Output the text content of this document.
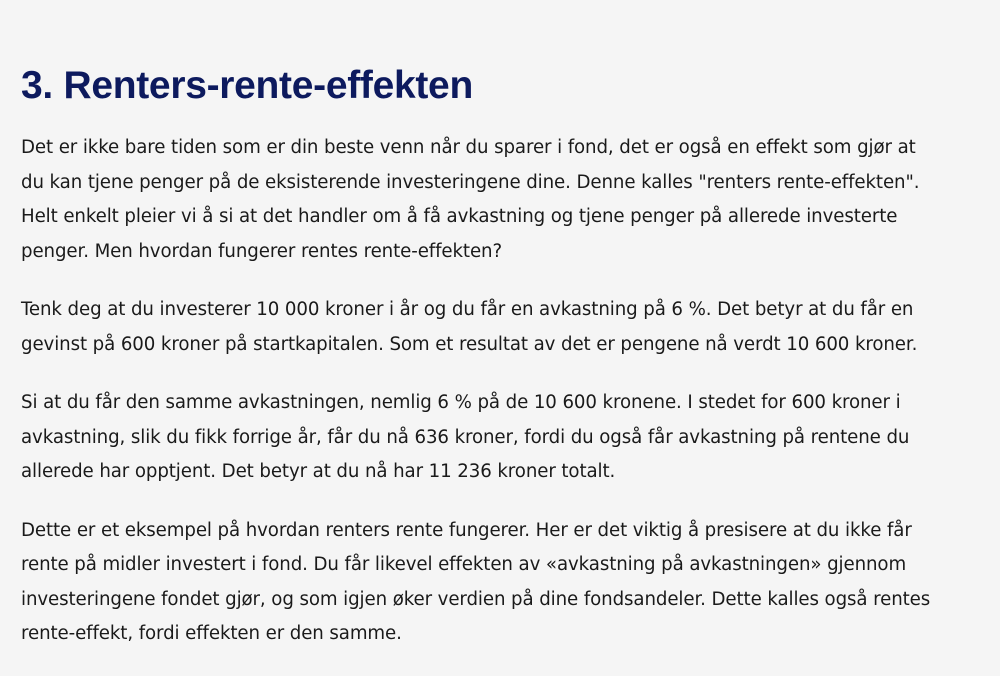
3. Renters-rente-effekten

Det er ikke bare tiden som er din beste venn når du sparer i fond, det er også en effekt som gjør at
du kan tjene penger på de eksisterende investeringene dine. Denne kalles "renters rente-effekten".
Helt enkelt pleier vi å si at det handler om å få avkastning og tjene penger på allerede investerte
penger. Men hvordan fungerer rentes rente-effekten?

Tenk deg at du investerer 10 000 kroner i år og du får en avkastning på 6 %. Det betyr at du får en
gevinst på 600 kroner på startkapitalen. Som et resultat av det er pengene nå verdt 10 600 kroner.

Si at du får den samme avkastningen, nemlig 6 % på de 10 600 kronene. I stedet for 600 kroner i
avkastning, slik du fikk forrige år, får du nå 636 kroner, fordi du også får avkastning på rentene du
allerede har opptjent. Det betyr at du nå har 11 236 kroner totalt.

Dette er et eksempel på hvordan renters rente fungerer. Her er det viktig å presisere at du ikke får
rente på midler investert i fond. Du får likevel effekten av «avkastning på avkastningen» gjennom
investeringene fondet gjør, og som igjen øker verdien på dine fondsandeler. Dette kalles også rentes
rente-effekt, fordi effekten er den samme.
